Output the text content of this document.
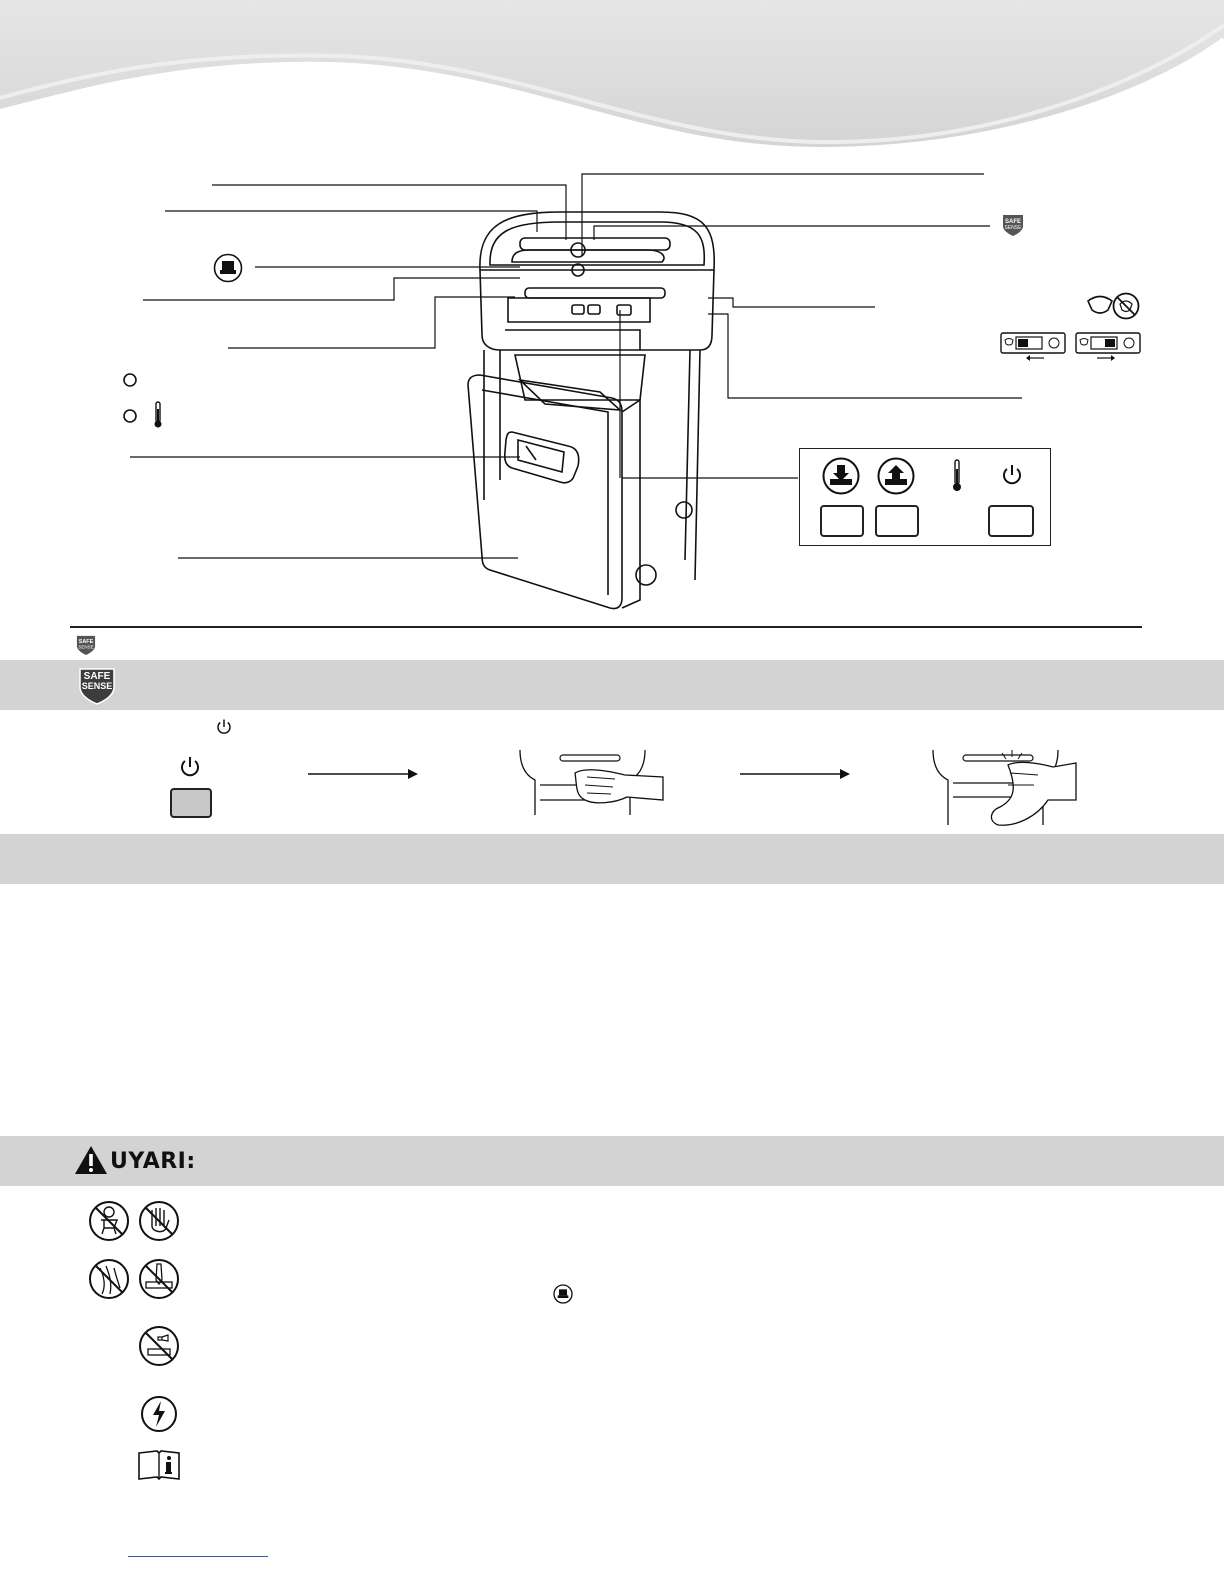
SAFE
SENSE
SAFE
SENSE
SAFE
SENSE
UYARI:
